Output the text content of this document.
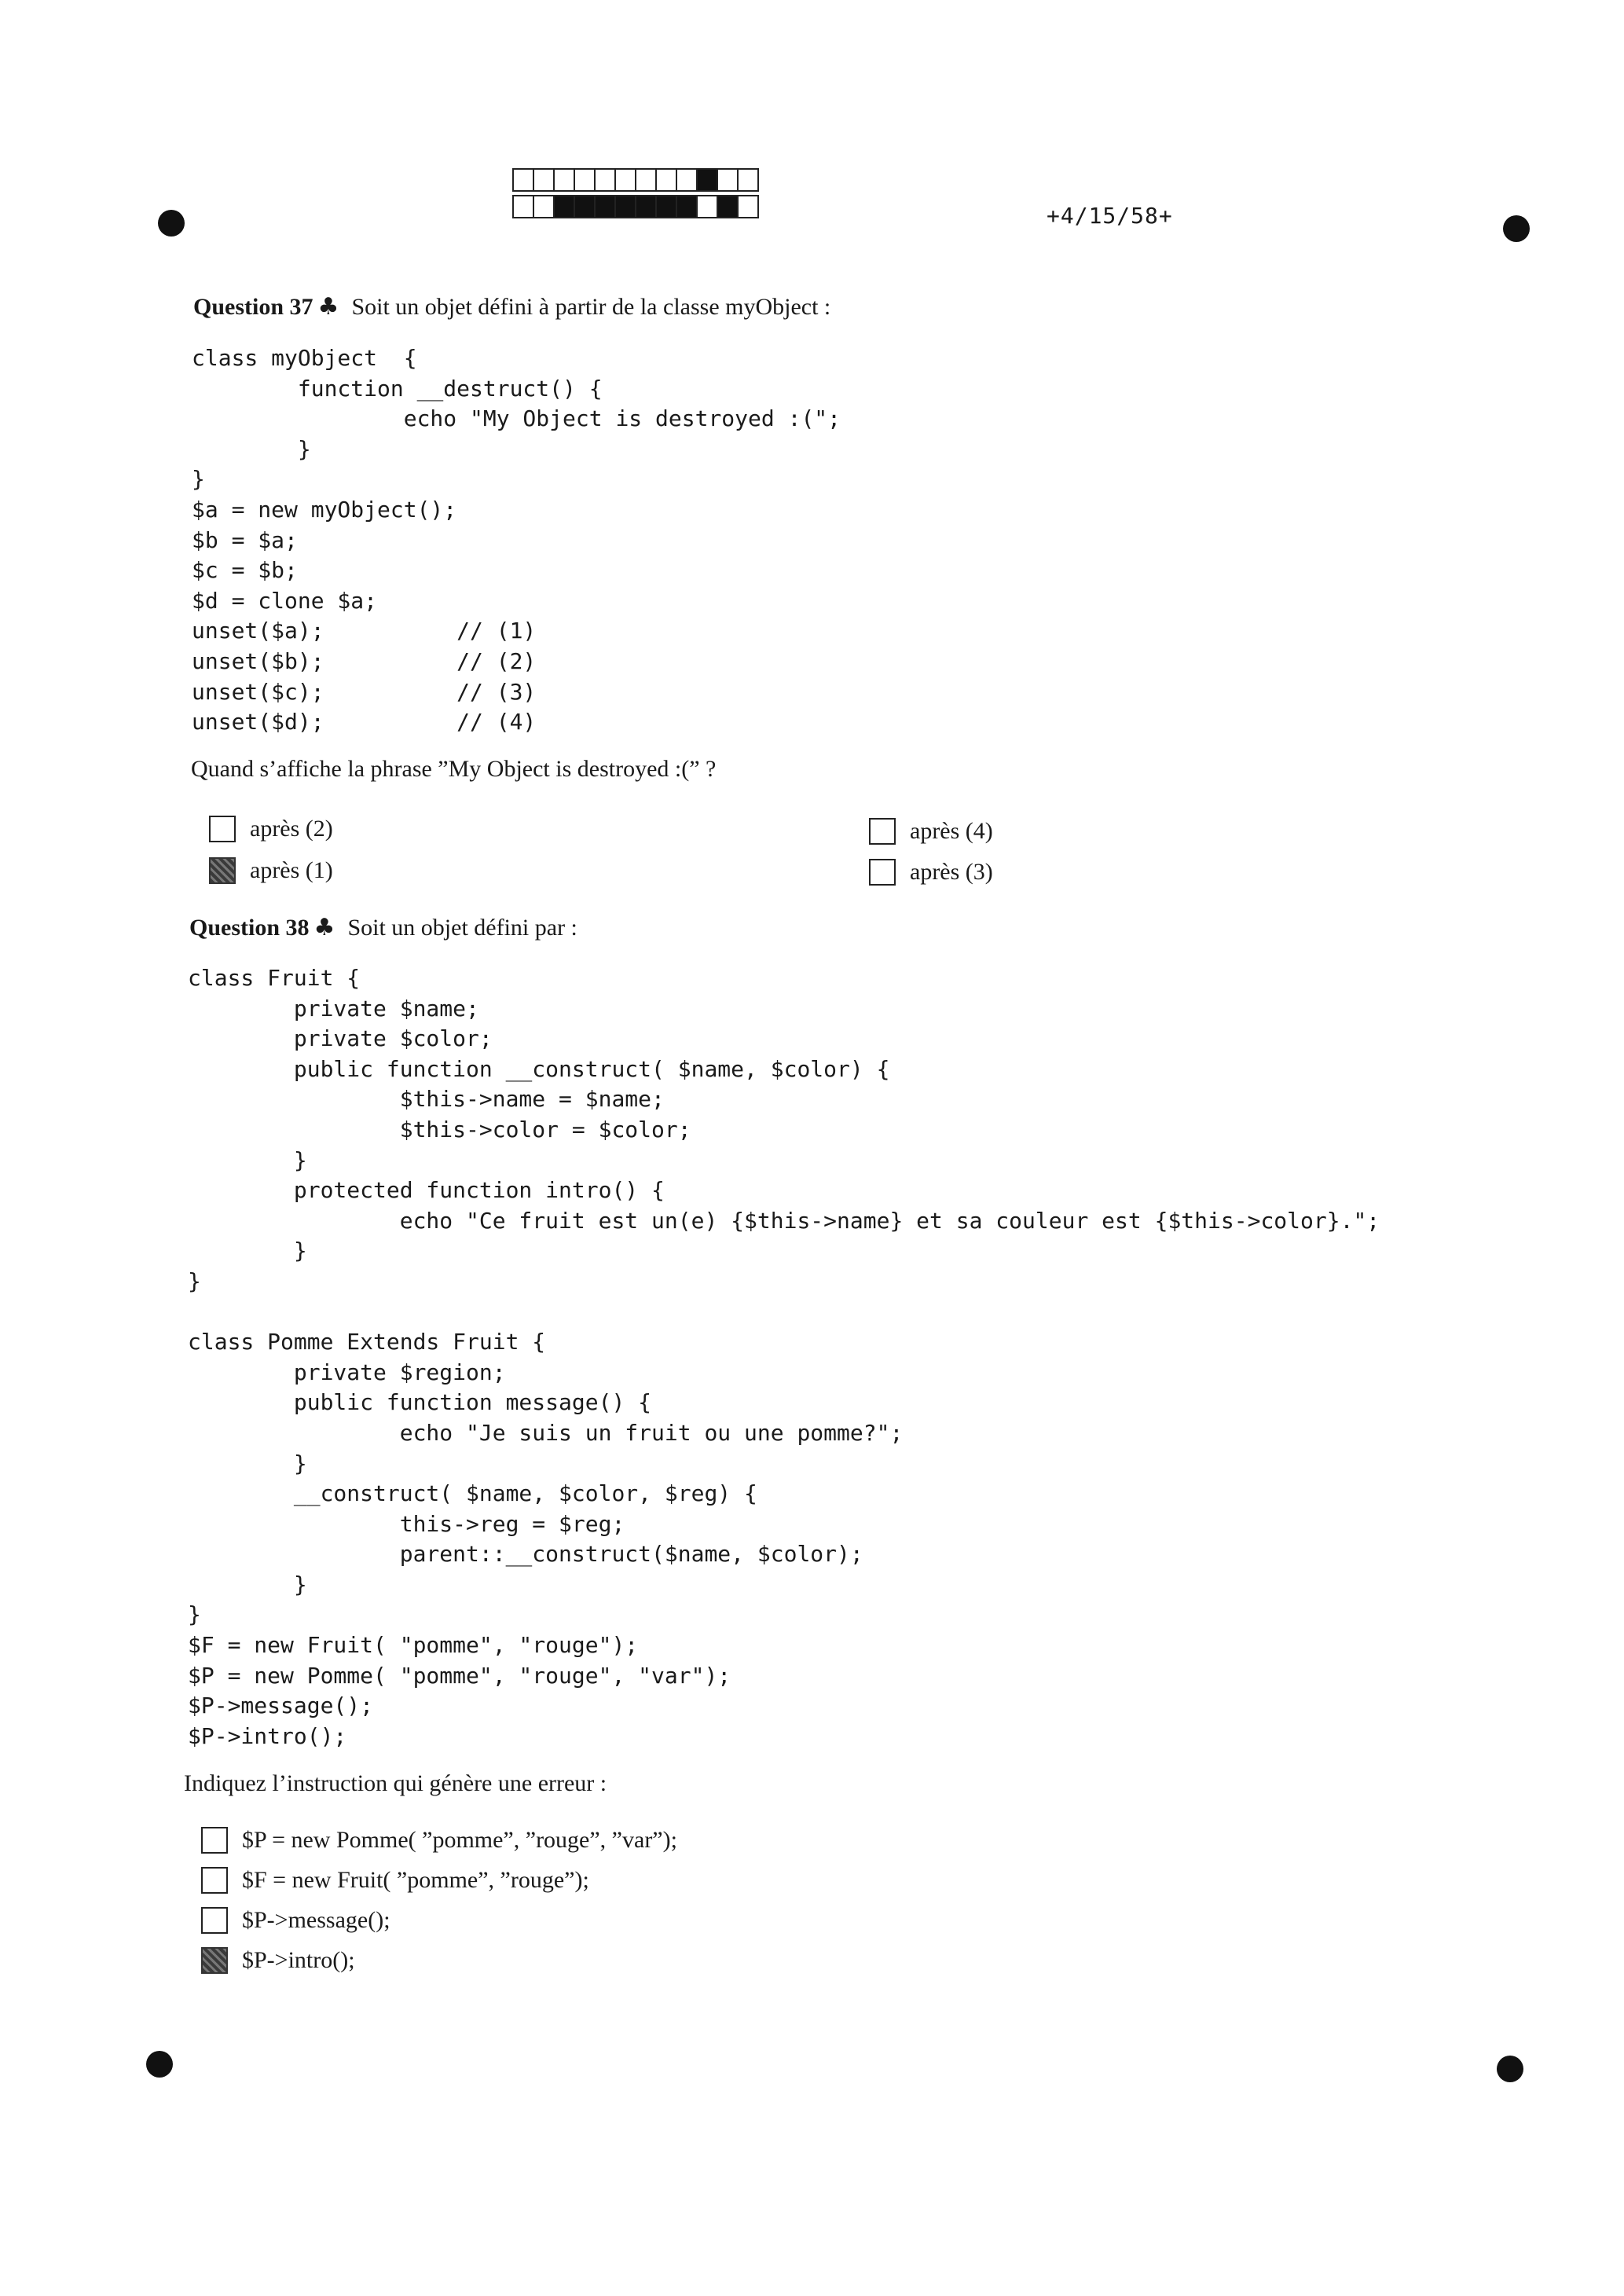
+4/15/58+
Question 37 ♣ Soit un objet défini à partir de la classe myObject :
class myObject  {
function __destruct() {
echo "My Object is destroyed :(";
}
}
$a = new myObject();
$b = $a;
$c = $b;
$d = clone $a;
unset($a);          // (1)
unset($b);          // (2)
unset($c);          // (3)
unset($d);          // (4)
Quand s’affiche la phrase ”My Object is destroyed :(” ?
après (2)
après (1)
après (4)
après (3)
Question 38 ♣ Soit un objet défini par :
class Fruit {
private $name;
private $color;
public function __construct( $name, $color) {
$this->name = $name;
$this->color = $color;
}
protected function intro() {
echo "Ce fruit est un(e) {$this->name} et sa couleur est {$this->color}.";
}
}

class Pomme Extends Fruit {
private $region;
public function message() {
echo "Je suis un fruit ou une pomme?";
}
__construct( $name, $color, $reg) {
this->reg = $reg;
parent::__construct($name, $color);
}
}
$F = new Fruit( "pomme", "rouge");
$P = new Pomme( "pomme", "rouge", "var");
$P->message();
$P->intro();
Indiquez l’instruction qui génère une erreur :
$P = new Pomme( ”pomme”, ”rouge”, ”var”);
$F = new Fruit( ”pomme”, ”rouge”);
$P->message();
$P->intro();
